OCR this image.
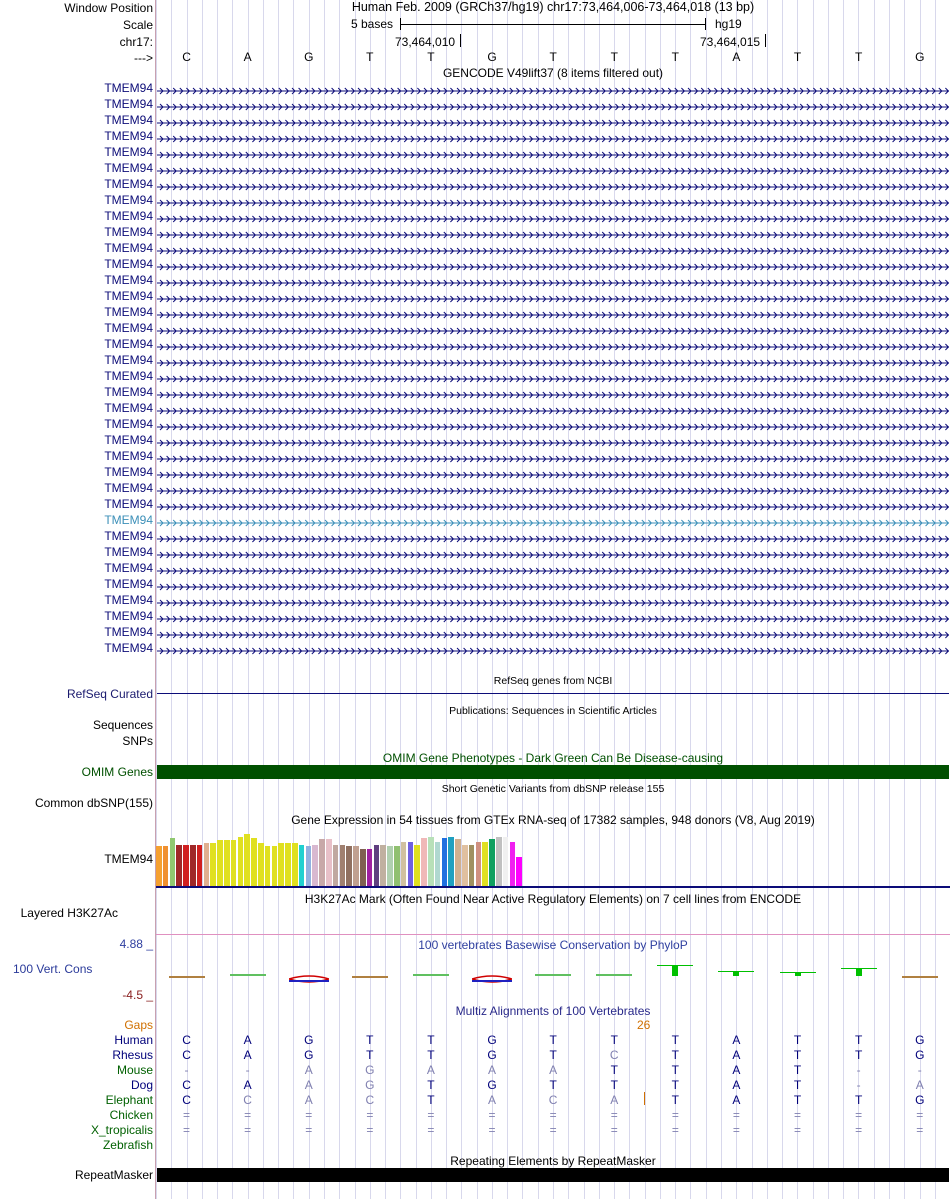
Window Position	Human Feb. 2009 (GRCh37/hg19) chr17:73,464,006-73,464,018 (13 bp)
Scale	5 bases	hg19
chr17:	73,464,010	73,464,015
--->	C	A	G	T	T	G	T	T	T	A	T	T	G
GENCODE V49lift37 (8 items filtered out)
TMEM94
TMEM94
TMEM94
TMEM94
TMEM94
TMEM94
TMEM94
TMEM94
TMEM94
TMEM94
TMEM94
TMEM94
TMEM94
TMEM94
TMEM94
TMEM94
TMEM94
TMEM94
TMEM94
TMEM94
TMEM94
TMEM94
TMEM94
TMEM94
TMEM94
TMEM94
TMEM94
TMEM94
TMEM94
TMEM94
TMEM94
TMEM94
TMEM94
TMEM94
TMEM94
TMEM94
RefSeq genes from NCBI
RefSeq Curated
Publications: Sequences in Scientific Articles
Sequences
SNPs
OMIM Gene Phenotypes - Dark Green Can Be Disease-causing
OMIM Genes
Short Genetic Variants from dbSNP release 155
Common dbSNP(155)
Gene Expression in 54 tissues from GTEx RNA-seq of 17382 samples, 948 donors (V8, Aug 2019)
TMEM94
H3K27Ac Mark (Often Found Near Active Regulatory Elements) on 7 cell lines from ENCODE
Layered H3K27Ac
4.88 _	100 vertebrates Basewise Conservation by PhyloP
100 Vert. Cons
-4.5 _
Multiz Alignments of 100 Vertebrates
Gaps	26
Human	C	A	G	T	T	G	T	T	T	A	T	T	G
Rhesus	C	A	G	T	T	G	T	C	T	A	T	T	G
Mouse	-	-	A	G	A	A	A	T	T	A	T	-	-
Dog	C	A	A	G	T	G	T	T	T	A	T	-	A
Elephant	C	C	A	C	T	A	C	A	T	A	T	T	G
Chicken	=	=	=	=	=	=	=	=	=	=	=	=	=
X_tropicalis	=	=	=	=	=	=	=	=	=	=	=	=	=
Zebrafish
Repeating Elements by RepeatMasker
RepeatMasker
